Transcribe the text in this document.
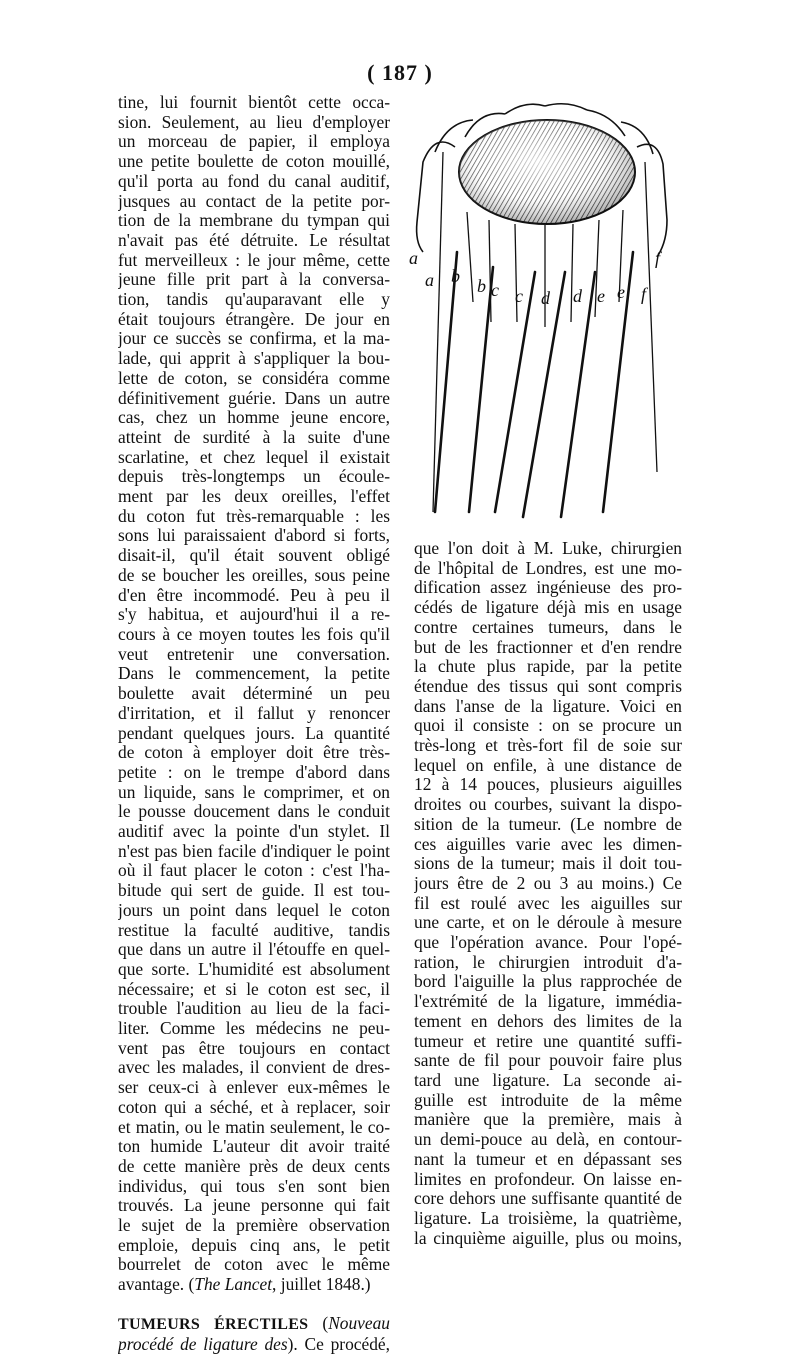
( 187 )

tine, lui fournit bientôt cette occa-
sion. Seulement, au lieu d'employer
un morceau de papier, il employa
une petite boulette de coton mouillé,
qu'il porta au fond du canal auditif,
jusques au contact de la petite por-
tion de la membrane du tympan qui
n'avait pas été détruite. Le résultat
fut merveilleux : le jour même, cette
jeune fille prit part à la conversa-
tion, tandis qu'auparavant elle y
était toujours étrangère. De jour en
jour ce succès se confirma, et la ma-
lade, qui apprit à s'appliquer la bou-
lette de coton, se considéra comme
définitivement guérie. Dans un autre
cas, chez un homme jeune encore,
atteint de surdité à la suite d'une
scarlatine, et chez lequel il existait
depuis très-longtemps un écoule-
ment par les deux oreilles, l'effet
du coton fut très-remarquable : les
sons lui paraissaient d'abord si forts,
disait-il, qu'il était souvent obligé
de se boucher les oreilles, sous peine
d'en être incommodé. Peu à peu il
s'y habitua, et aujourd'hui il a re-
cours à ce moyen toutes les fois qu'il
veut entretenir une conversation.
Dans le commencement, la petite
boulette avait déterminé un peu
d'irritation, et il fallut y renoncer
pendant quelques jours. La quantité
de coton à employer doit être très-
petite : on le trempe d'abord dans
un liquide, sans le comprimer, et on
le pousse doucement dans le conduit
auditif avec la pointe d'un stylet. Il
n'est pas bien facile d'indiquer le point
où il faut placer le coton : c'est l'ha-
bitude qui sert de guide. Il est tou-
jours un point dans lequel le coton
restitue la faculté auditive, tandis
que dans un autre il l'étouffe en quel-
que sorte. L'humidité est absolument
nécessaire; et si le coton est sec, il
trouble l'audition au lieu de la faci-
liter. Comme les médecins ne peu-
vent pas être toujours en contact
avec les malades, il convient de dres-
ser ceux-ci à enlever eux-mêmes le
coton qui a séché, et à replacer, soir
et matin, ou le matin seulement, le co-
ton humide L'auteur dit avoir traité
de cette manière près de deux cents
individus, qui tous s'en sont bien
trouvés. La jeune personne qui fait
le sujet de la première observation
emploie, depuis cinq ans, le petit
bourrelet de coton avec le même

avantage. (The Lancet, juillet 1848.)
TUMEURS ÉRECTILES (Nouveau
procédé de ligature des). Ce procédé,
a
a b b c c d d e e
f
f

que l'on doit à M. Luke, chirurgien
de l'hôpital de Londres, est une mo-
dification assez ingénieuse des pro-
cédés de ligature déjà mis en usage
contre certaines tumeurs, dans le
but de les fractionner et d'en rendre
la chute plus rapide, par la petite
étendue des tissus qui sont compris
dans l'anse de la ligature. Voici en
quoi il consiste : on se procure un
très-long et très-fort fil de soie sur
lequel on enfile, à une distance de
12 à 14 pouces, plusieurs aiguilles
droites ou courbes, suivant la dispo-
sition de la tumeur. (Le nombre de
ces aiguilles varie avec les dimen-
sions de la tumeur; mais il doit tou-
jours être de 2 ou 3 au moins.) Ce
fil est roulé avec les aiguilles sur
une carte, et on le déroule à mesure
que l'opération avance. Pour l'opé-
ration, le chirurgien introduit d'a-
bord l'aiguille la plus rapprochée de
l'extrémité de la ligature, immédia-
tement en dehors des limites de la
tumeur et retire une quantité suffi-
sante de fil pour pouvoir faire plus
tard une ligature. La seconde ai-
guille est introduite de la même
manière que la première, mais à
un demi-pouce au delà, en contour-
nant la tumeur et en dépassant ses
limites en profondeur. On laisse en-
core dehors une suffisante quantité de
ligature. La troisième, la quatrième,
la cinquième aiguille, plus ou moins,
